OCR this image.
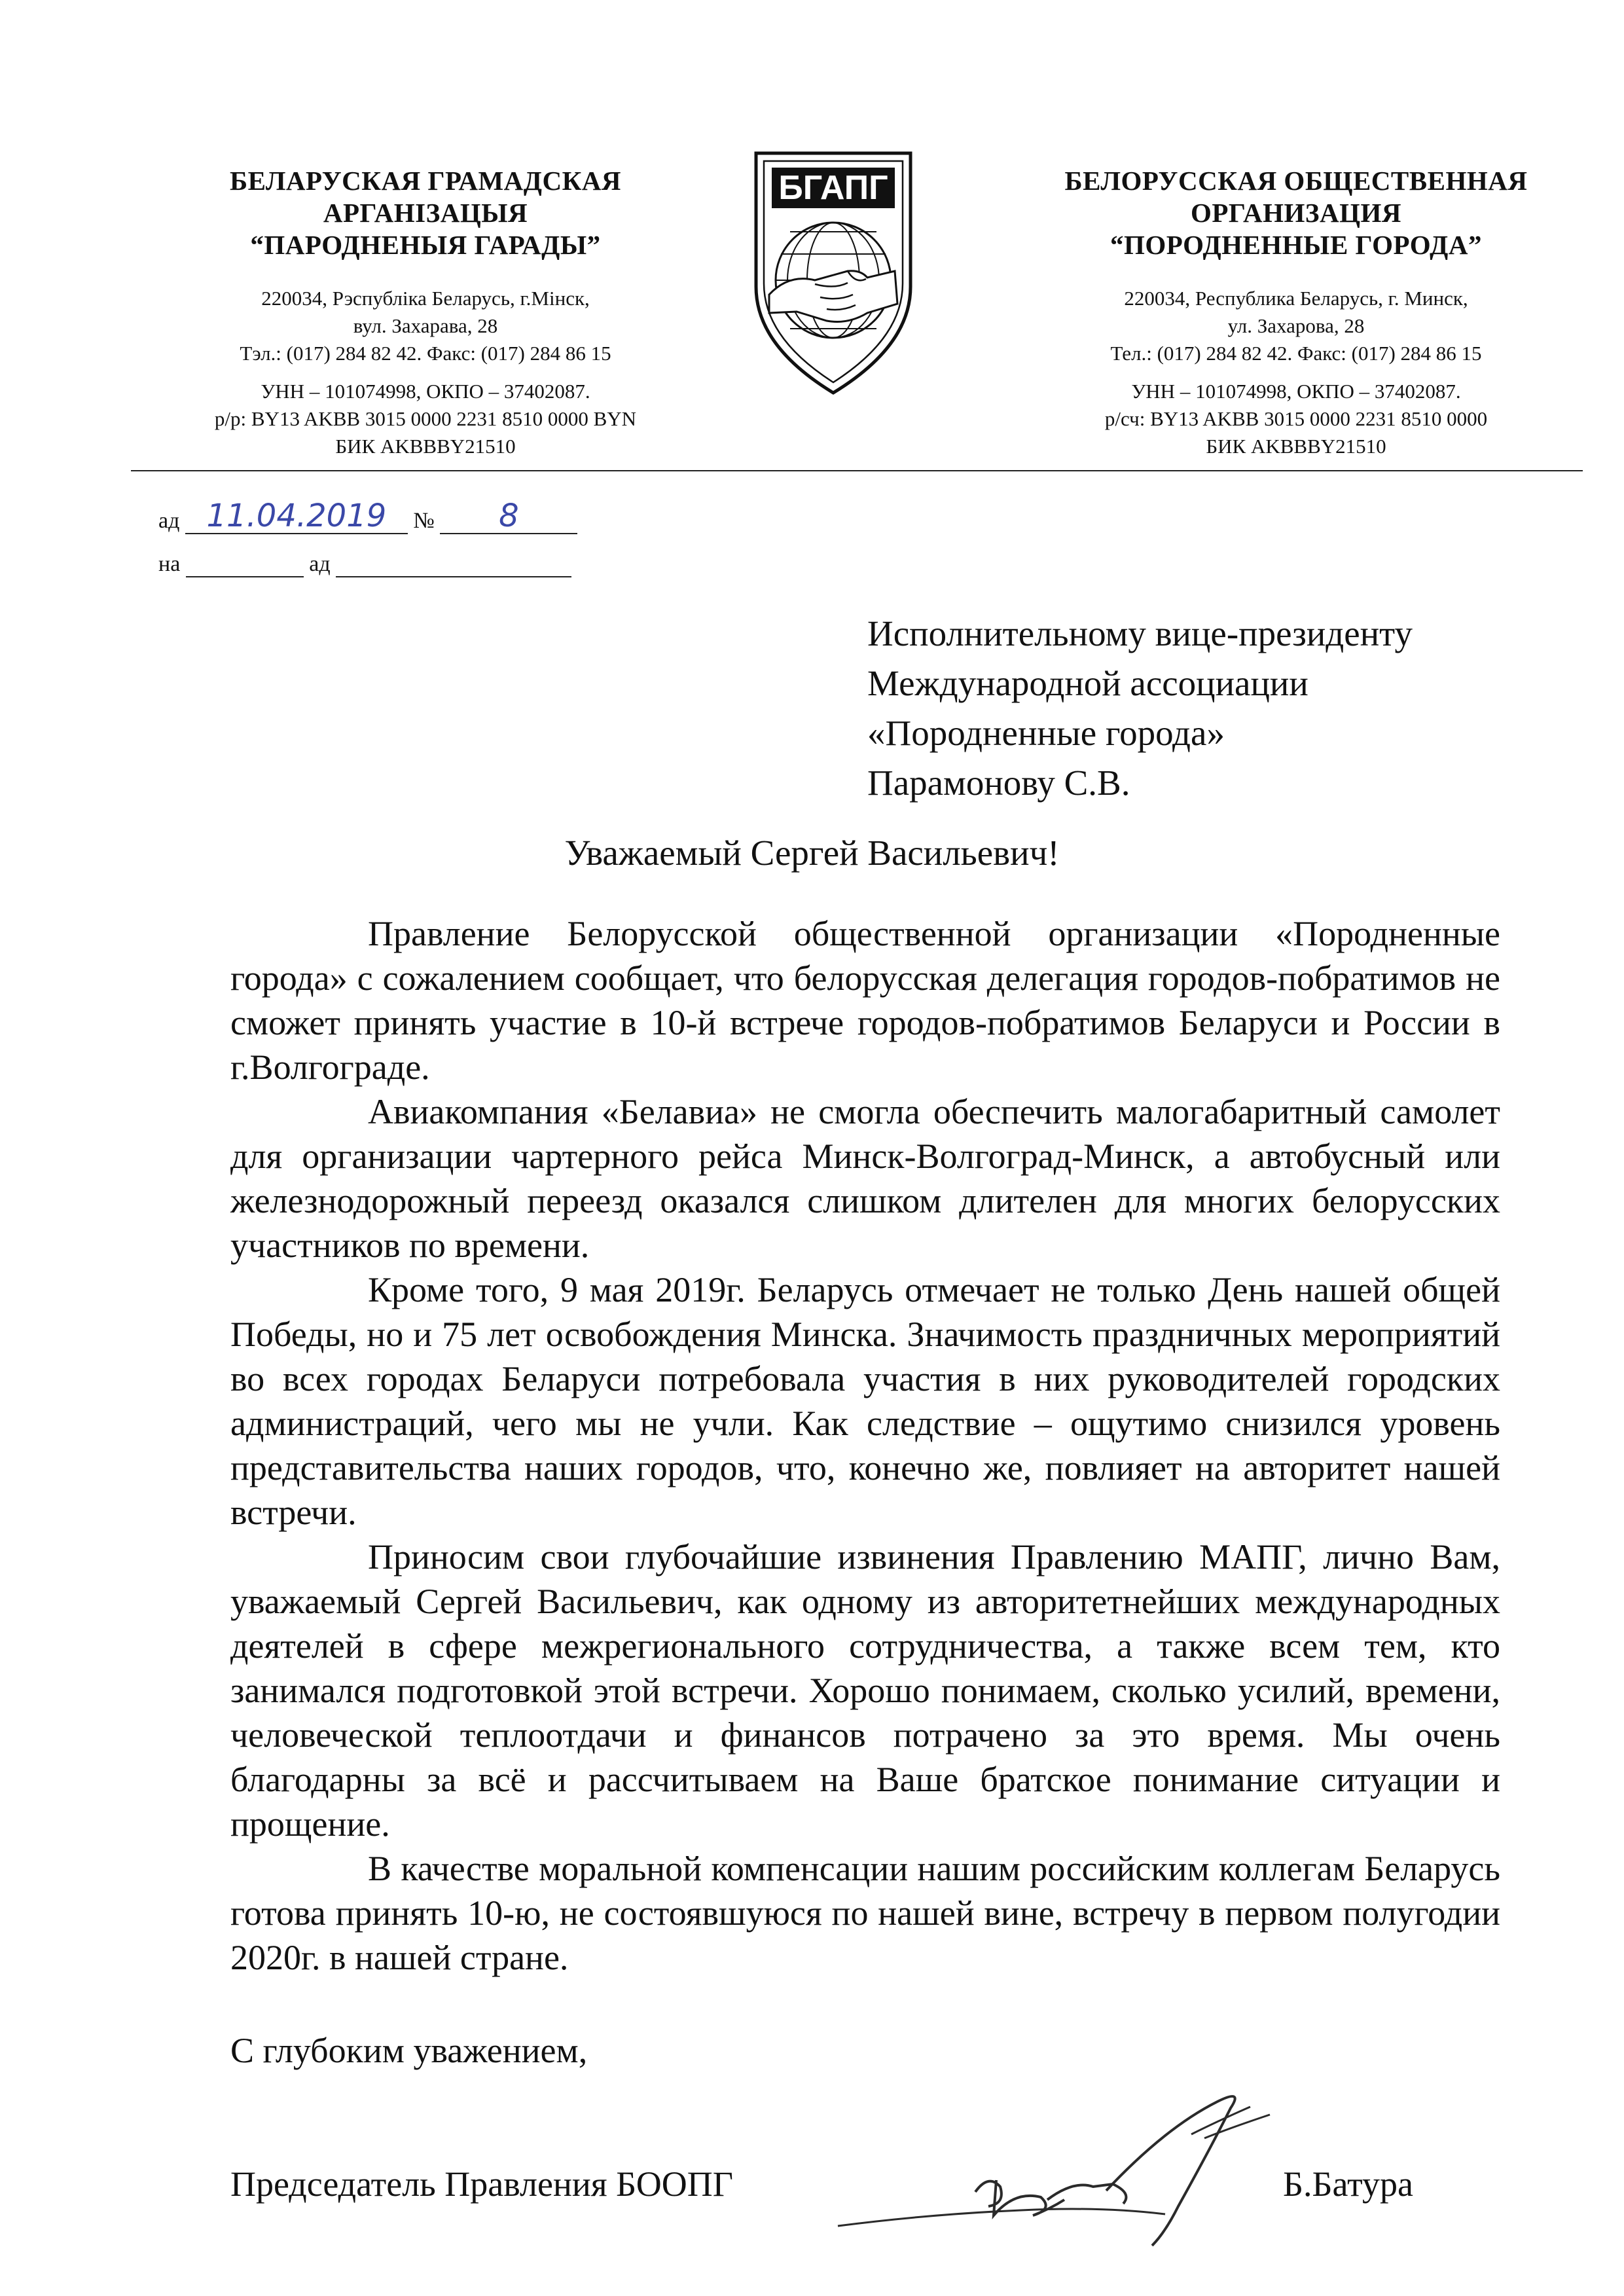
БЕЛАРУСКАЯ ГРАМАДСКАЯ
АРГАНІЗАЦЫЯ
“ПАРОДНЕНЫЯ ГАРАДЫ”
220034, Рэспубліка Беларусь, г.Мінск,
вул. Захарава, 28
Тэл.: (017) 284 82 42. Факс: (017) 284 86 15
УНН – 101074998, ОКПО – 37402087.
р/р: BY13 AKBB 3015 0000 2231 8510 0000 BYN
БИК AKBBBY21510
БГАПГ	БЕЛОРУССКАЯ ОБЩЕСТВЕННАЯ
ОРГАНИЗАЦИЯ
“ПОРОДНЕННЫЕ ГОРОДА”
220034, Республика Беларусь, г. Минск,
ул. Захарова, 28
Тел.: (017) 284 82 42. Факс: (017) 284 86 15
УНН – 101074998, ОКПО – 37402087.
р/сч: BY13 AKBB 3015 0000 2231 8510 0000
БИК AKBBBY21510
ад 11.04.2019 № 8
на	ад
Исполнительному вице-президенту
Международной ассоциации
«Породненные города»
Парамонову С.В.
Уважаемый Сергей Васильевич!

Правление Белорусской общественной организации «Породненные города» с сожалением сообщает, что белорусская делегация городов-побратимов не сможет принять участие в 10-й встрече городов-побратимов Беларуси и России в г.Волгограде.

Авиакомпания «Белавиа» не смогла обеспечить малогабаритный самолет для организации чартерного рейса Минск-Волгоград-Минск, а автобусный или железнодорожный переезд оказался слишком длителен для многих белорусских участников по времени.

Кроме того, 9 мая 2019г. Беларусь отмечает не только День нашей общей Победы, но и 75 лет освобождения Минска. Значимость праздничных мероприятий во всех городах Беларуси потребовала участия в них руководителей городских администраций, чего мы не учли. Как следствие – ощутимо снизился уровень представительства наших городов, что, конечно же, повлияет на авторитет нашей встречи.

Приносим свои глубочайшие извинения Правлению МАПГ, лично Вам, уважаемый Сергей Васильевич, как одному из авторитетнейших международных деятелей в сфере межрегионального сотрудничества, а также всем тем, кто занимался подготовкой этой встречи. Хорошо понимаем, сколько усилий, времени, человеческой теплоотдачи и финансов потрачено за это время. Мы очень благодарны за всё и рассчитываем на Ваше братское понимание ситуации и прощение.

В качестве моральной компенсации нашим российским коллегам Беларусь готова принять 10-ю, не состоявшуюся по нашей вине, встречу в первом полугодии 2020г. в нашей стране.

С глубоким уважением,
Председатель Правления БООПГ	Б.Батура
